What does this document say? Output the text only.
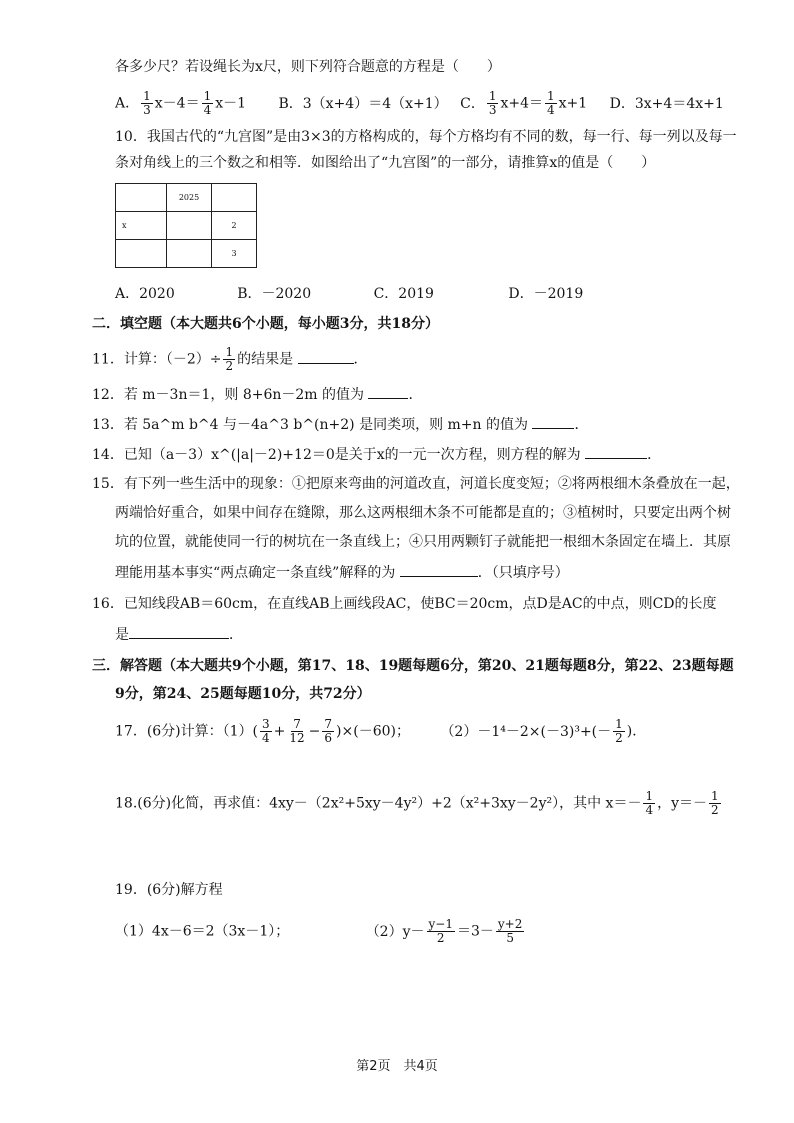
各多少尺？若设绳长为x尺，则下列符合题意的方程是（　　）
A． $\frac{1}{3} x-4= \frac{1}{4} x-1$ B．3（x+4）＝4（x+1） C． $\frac{1}{3} x+4= \frac{1}{4} x+1$ D．3x+4＝4x+1
10．我国古代的“九宫图”是由3×3的方格构成的，每个方格均有不同的数，每一行、每一列以及每一
条对角线上的三个数之和相等．如图给出了“九宫图”的一部分，请推算x的值是（　　）
	2025	
x		2
		3
A．2020	B．－2020	C．2019	D．－2019
二．填空题（本大题共6个小题，每小题3分，共18分）
11．计算：$(-2)\div \frac{1}{2}$ 的结果是	．
12．若 m－3n＝1，则 8+6n－2m 的值为	．
13．若 5a^m b^4 与－4a^3 b^(n+2) 是同类项，则 m+n 的值为	．
14．已知（a－3）x^(|a|－2)+12＝0是关于x的一元一次方程，则方程的解为	．
15．有下列一些生活中的现象：①把原来弯曲的河道改直，河道长度变短；②将两根细木条叠放在一起，
两端恰好重合，如果中间存在缝隙，那么这两根细木条不可能都是直的；③植树时，只要定出两个树
坑的位置，就能使同一行的树坑在一条直线上；④只用两颗钉子就能把一根细木条固定在墙上．其原
理能用基本事实“两点确定一条直线”解释的为	．（只填序号）
16．已知线段AB＝60cm，在直线AB上画线段AC，使BC＝20cm，点D是AC的中点，则CD的长度
是	．
三．解答题（本大题共9个小题，第17、18、19题每题6分，第20、21题每题8分，第22、23题每题
9分，第24、25题每题10分，共72分）
17．(6分)计算：$(1)( \frac{3}{4} + \frac{7}{12} - \frac{7}{6} )\times(-60)$； $(2)-1^4-2\times(-3)^3+(- \frac{1}{2}$ )．
18.(6分)化简，再求值：4xy－（2x²+5xy－4y²）+2（x²+3xy－2y²），其中 $x=- \frac{1}{4}$ ，$y=- \frac{1}{2}$
19．(6分)解方程
（1）4x－6＝2（3x－1）；	$(2)y- \frac{y-1}{2} =3- \frac{y+2}{5}$
第2页　共4页
